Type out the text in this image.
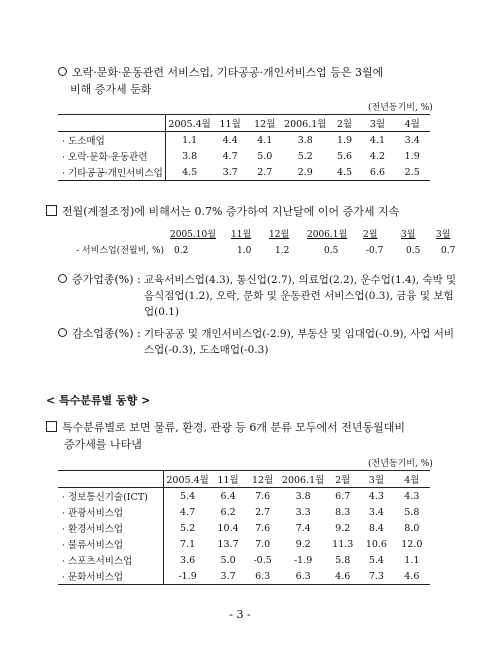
오락·문화·운동관련 서비스업, 기타공공·개인서비스업 등은 3월에
비해 증가세 둔화
(전년동기비, %)
	2005.4월	11월	12월	2006.1월	2월	3월	4월
· 도소매업	1.1	4.4	4.1	3.8	1.9	4.1	3.4
· 오락·문화·운동관련	3.8	4.7	5.0	5.2	5.6	4.2	1.9
· 기타공공·개인서비스업	4.5	3.7	2.7	2.9	4.5	6.6	2.5
전월(계절조정)에 비해서는 0.7% 증가하여 지난달에 이어 증가세 지속
2005.10월 11월 12월 2006.1월 2월	3월 3월
- 서비스업(전월비, %) 0.2	1.0	1.2	0.5	-0.7	0.5 0.7
증가업종(%) : 교육서비스업(4.3), 통신업(2.7), 의료업(2.2), 운수업(1.4), 숙박 및 음식점업(1.2), 오락, 문화 및 운동관련 서비스업(0.3), 금융 및 보험업(0.1)
감소업종(%) : 기타공공 및 개인서비스업(-2.9), 부동산 및 임대업(-0.9), 사업 서비스업(-0.3), 도소매업(-0.3)
< 특수분류별 동향 >
특수분류별로 보면 물류, 환경, 관광 등 6개 분류 모두에서 전년동월대비
증가세를 나타냄
(전년동기비, %)
	2005.4월	11월	12월	2006.1월	2월	3월	4월
· 정보통신기술(ICT)	5.4	6.4	7.6	3.8	6.7	4.3	4.3
· 관광서비스업	4.7	6.2	2.7	3.3	8.3	3.4	5.8
· 환경서비스업	5.2	10.4	7.6	7.4	9.2	8.4	8.0
· 물류서비스업	7.1	13.7	7.0	9.2	11.3	10.6	12.0
· 스포츠서비스업	3.6	5.0	-0.5	-1.9	5.8	5.4	1.1
· 문화서비스업	-1.9	3.7	6.3	6.3	4.6	7.3	4.6
- 3 -
